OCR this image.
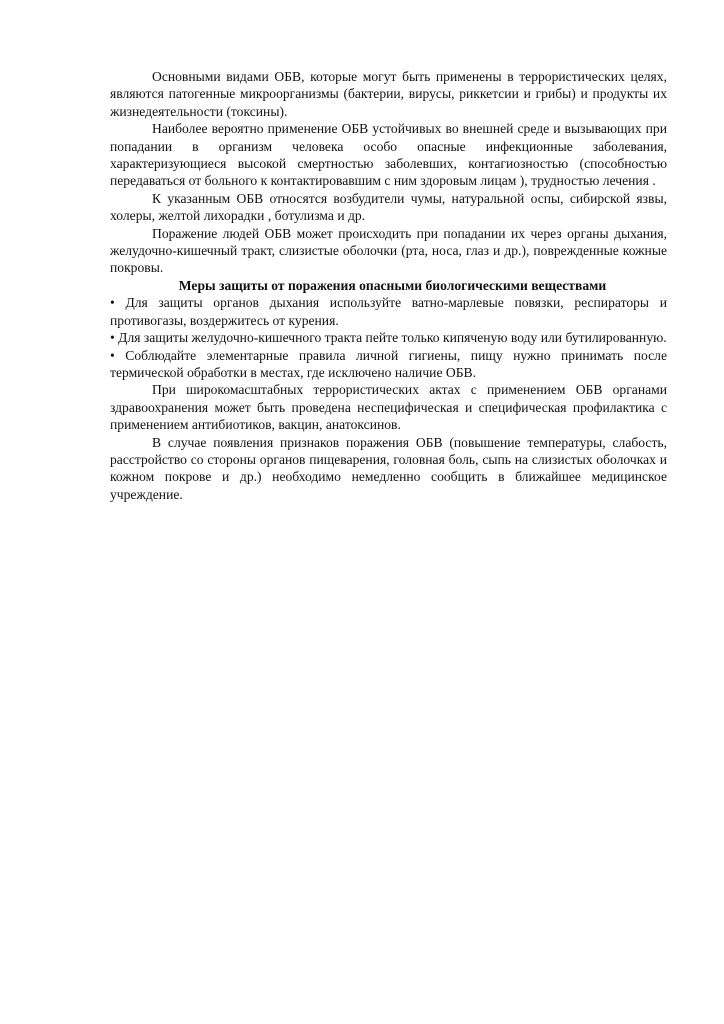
Основными видами ОБВ, которые могут быть применены в террористических целях, являются патогенные микроорганизмы (бактерии, вирусы, риккетсии и грибы) и продукты их жизнедеятельности (токсины).

Наиболее вероятно применение ОБВ устойчивых во внешней среде и вызывающих при попадании в организм человека особо опасные инфекционные заболевания, характеризующиеся высокой смертностью заболевших, контагиозностью (способностью передаваться от больного к контактировавшим с ним здоровым лицам ), трудностью лечения .

К указанным ОБВ относятся возбудители чумы, натуральной оспы, сибирской язвы, холеры, желтой лихорадки , ботулизма и др.

Поражение людей ОБВ может происходить при попадании их через органы дыхания, желудочно-кишечный тракт, слизистые оболочки (рта, носа, глаз и др.), поврежденные кожные покровы.

Меры защиты от поражения опасными биологическими веществами

• Для защиты органов дыхания используйте ватно-марлевые повязки, респираторы и противогазы, воздержитесь от курения.

• Для защиты желудочно-кишечного тракта пейте только кипяченую воду или бутилированную.

• Соблюдайте элементарные правила личной гигиены, пищу нужно принимать после термической обработки в местах, где исключено наличие ОБВ.

При широкомасштабных террористических актах с применением ОБВ органами здравоохранения может быть проведена неспецифическая и специфическая профилактика с применением антибиотиков, вакцин, анатоксинов.

В случае появления признаков поражения ОБВ (повышение температуры, слабость, расстройство со стороны органов пищеварения, головная боль, сыпь на слизистых оболочках и кожном покрове и др.) необходимо немедленно сообщить в ближайшее медицинское учреждение.
